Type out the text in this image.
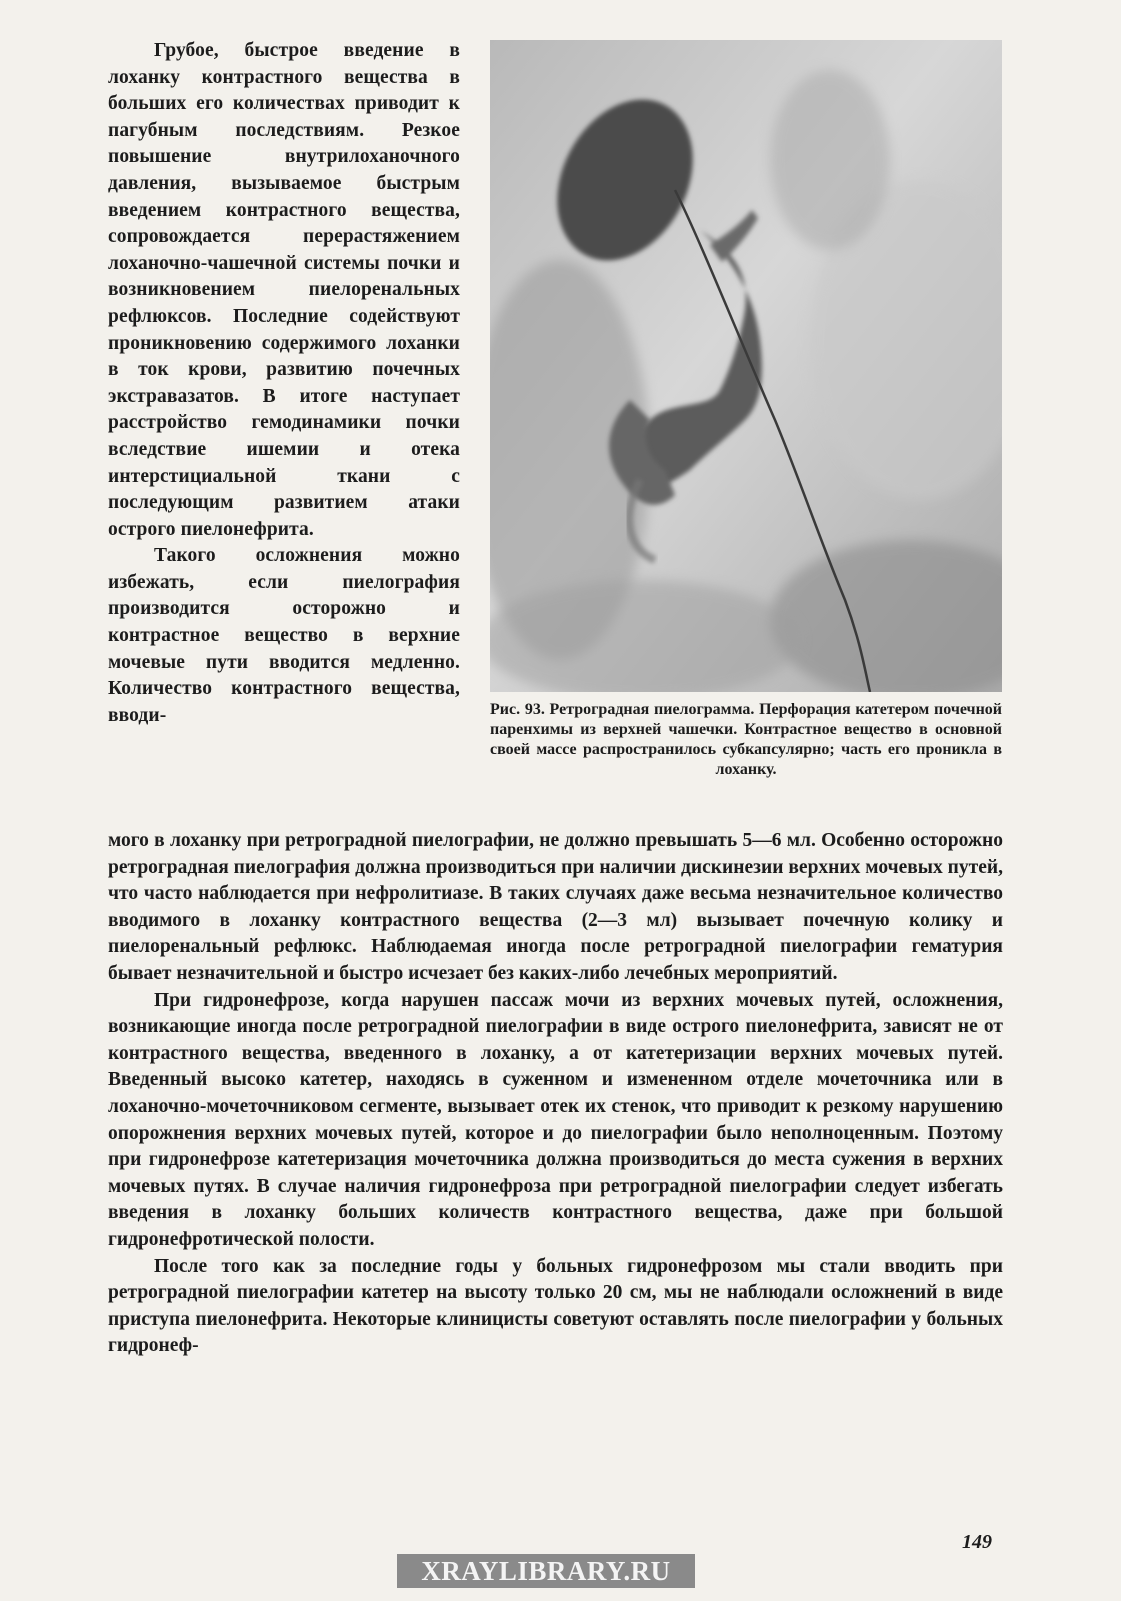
Грубое, быстрое введение в лоханку контрастного вещества в больших его количествах приводит к пагубным последствиям. Резкое повышение внутрилоханочного давления, вызываемое быстрым введением контрастного вещества, сопровождается перерастяжением лоханочно-чашечной системы почки и возникновением пиелоренальных рефлюксов. Последние содействуют проникновению содержимого лоханки в ток крови, развитию почечных экстравазатов. В итоге наступает расстройство гемодинамики почки вследствие ишемии и отека интерстициальной ткани с последующим развитием атаки острого пиелонефрита.

Такого осложнения можно избежать, если пиелография производится осторожно и контрастное вещество в верхние мочевые пути вводится медленно. Количество контрастного вещества, вводи-	Рис. 93. Ретроградная пиелограмма. Перфорация катетером почечной паренхимы из верхней чашечки. Контрастное вещество в основной своей массе распространилось субкапсулярно; часть его проникла в лоханку.

мого в лоханку при ретроградной пиелографии, не должно превышать 5—6 мл. Особенно осторожно ретроградная пиелография должна производиться при наличии дискинезии верхних мочевых путей, что часто наблюдается при нефролитиазе. В таких случаях даже весьма незначительное количество вводимого в лоханку контрастного вещества (2—3 мл) вызывает почечную колику и пиелоренальный рефлюкс. Наблюдаемая иногда после ретроградной пиелографии гематурия бывает незначительной и быстро исчезает без каких-либо лечебных мероприятий.

При гидронефрозе, когда нарушен пассаж мочи из верхних мочевых путей, осложнения, возникающие иногда после ретроградной пиелографии в виде острого пиелонефрита, зависят не от контрастного вещества, введенного в лоханку, а от катетеризации верхних мочевых путей. Введенный высоко катетер, находясь в суженном и измененном отделе мочеточника или в лоханочно-мочеточниковом сегменте, вызывает отек их стенок, что приводит к резкому нарушению опорожнения верхних мочевых путей, которое и до пиелографии было неполноценным. Поэтому при гидронефрозе катетеризация мочеточника должна производиться до места сужения в верхних мочевых путях. В случае наличия гидронефроза при ретроградной пиелографии следует избегать введения в лоханку больших количеств контрастного вещества, даже при большой гидронефротической полости.

После того как за последние годы у больных гидронефрозом мы стали вводить при ретроградной пиелографии катетер на высоту только 20 см, мы не наблюдали осложнений в виде приступа пиелонефрита. Некоторые клиницисты советуют оставлять после пиелографии у больных гидронеф-

149
XRAYLIBRARY.RU
